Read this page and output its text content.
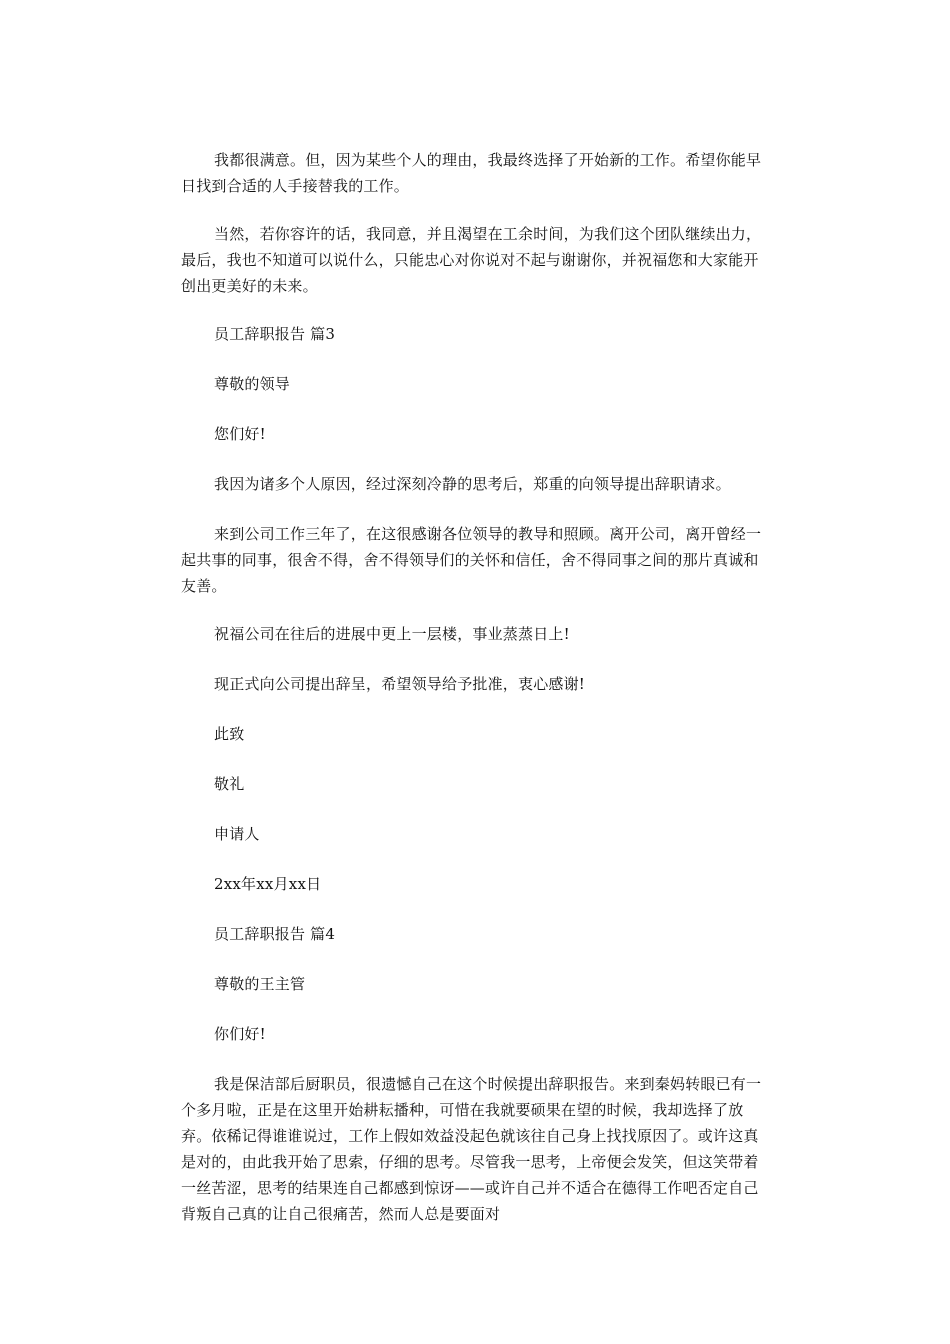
我都很满意。但，因为某些个人的理由，我最终选择了开始新的工作。希望你能早日找到合适的人手接替我的工作。

当然，若你容许的话，我同意，并且渴望在工余时间，为我们这个团队继续出力，最后，我也不知道可以说什么，只能忠心对你说对不起与谢谢你，并祝福您和大家能开创出更美好的未来。

员工辞职报告 篇3

尊敬的领导

您们好!

我因为诸多个人原因，经过深刻冷静的思考后，郑重的向领导提出辞职请求。

来到公司工作三年了，在这很感谢各位领导的教导和照顾。离开公司，离开曾经一起共事的同事，很舍不得，舍不得领导们的关怀和信任，舍不得同事之间的那片真诚和友善。

祝福公司在往后的进展中更上一层楼，事业蒸蒸日上!

现正式向公司提出辞呈，希望领导给予批准，衷心感谢!

此致

敬礼

申请人

2xx年xx月xx日

员工辞职报告 篇4

尊敬的王主管

你们好!

我是保洁部后厨职员，很遗憾自己在这个时候提出辞职报告。来到秦妈转眼已有一个多月啦，正是在这里开始耕耘播种，可惜在我就要硕果在望的时候，我却选择了放弃。依稀记得谁谁说过，工作上假如效益没起色就该往自己身上找找原因了。或许这真是对的，由此我开始了思索，仔细的思考。尽管我一思考，上帝便会发笑，但这笑带着一丝苦涩，思考的结果连自己都感到惊讶——或许自己并不适合在德得工作吧否定自己背叛自己真的让自己很痛苦，然而人总是要面对
